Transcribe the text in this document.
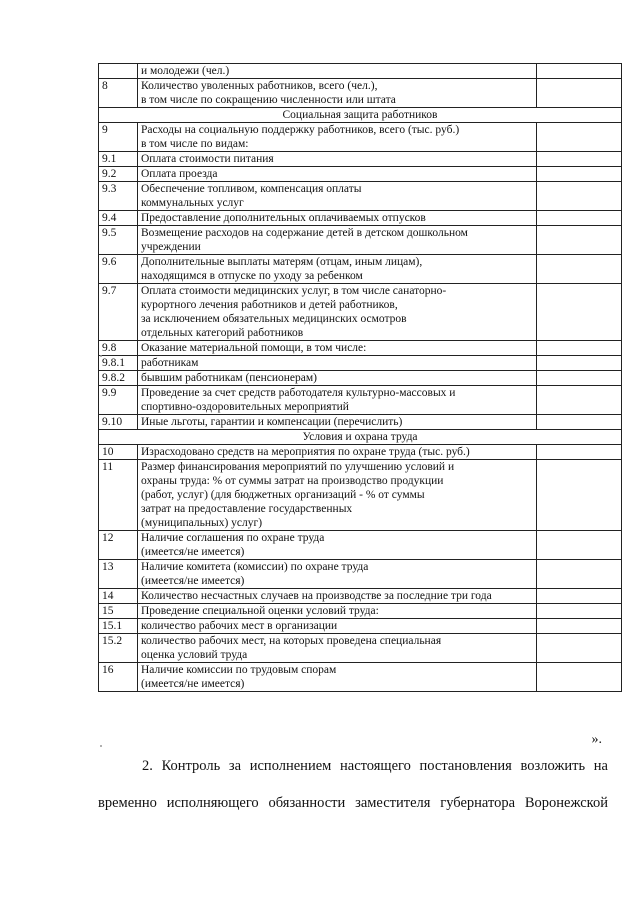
	и молодежи (чел.)	
8	Количество уволенных работников, всего (чел.),
в том числе по сокращению численности или штата	
Социальная защита работников		
9	Расходы на социальную поддержку работников, всего (тыс. руб.)
в том числе по видам:	
9.1	Оплата стоимости питания	
9.2	Оплата проезда	
9.3	Обеспечение топливом, компенсация оплаты
коммунальных услуг	
9.4	Предоставление дополнительных оплачиваемых отпусков	
9.5	Возмещение расходов на содержание детей в детском дошкольном
учреждении	
9.6	Дополнительные выплаты матерям (отцам, иным лицам),
находящимся в отпуске по уходу за ребенком	
9.7	Оплата стоимости медицинских услуг, в том числе санаторно-
курортного лечения работников и детей работников,
за исключением обязательных медицинских осмотров
отдельных категорий работников	
9.8	Оказание материальной помощи, в том числе:	
9.8.1	работникам	
9.8.2	бывшим работникам (пенсионерам)	
9.9	Проведение за счет средств работодателя культурно-массовых и
спортивно-оздоровительных мероприятий	
9.10	Иные льготы, гарантии и компенсации (перечислить)	
Условия и охрана труда		
10	Израсходовано средств на мероприятия по охране труда (тыс. руб.)	
11	Размер финансирования мероприятий по улучшению условий и
охраны труда: % от суммы затрат на производство продукции
(работ, услуг) (для бюджетных организаций - % от суммы
затрат на предоставление государственных
(муниципальных) услуг)	
12	Наличие соглашения по охране труда
(имеется/не имеется)	
13	Наличие комитета (комиссии) по охране труда
(имеется/не имеется)	
14	Количество несчастных случаев на производстве за последние три года	
15	Проведение специальной оценки условий труда:	
15.1	количество рабочих мест в организации	
15.2	количество рабочих мест, на которых проведена специальная
оценка условий труда	
16	Наличие комиссии по трудовым спорам
(имеется/не имеется)	
».
2. Контроль за исполнением настоящего постановления возложить на
временно исполняющего обязанности заместителя губернатора Воронежской
